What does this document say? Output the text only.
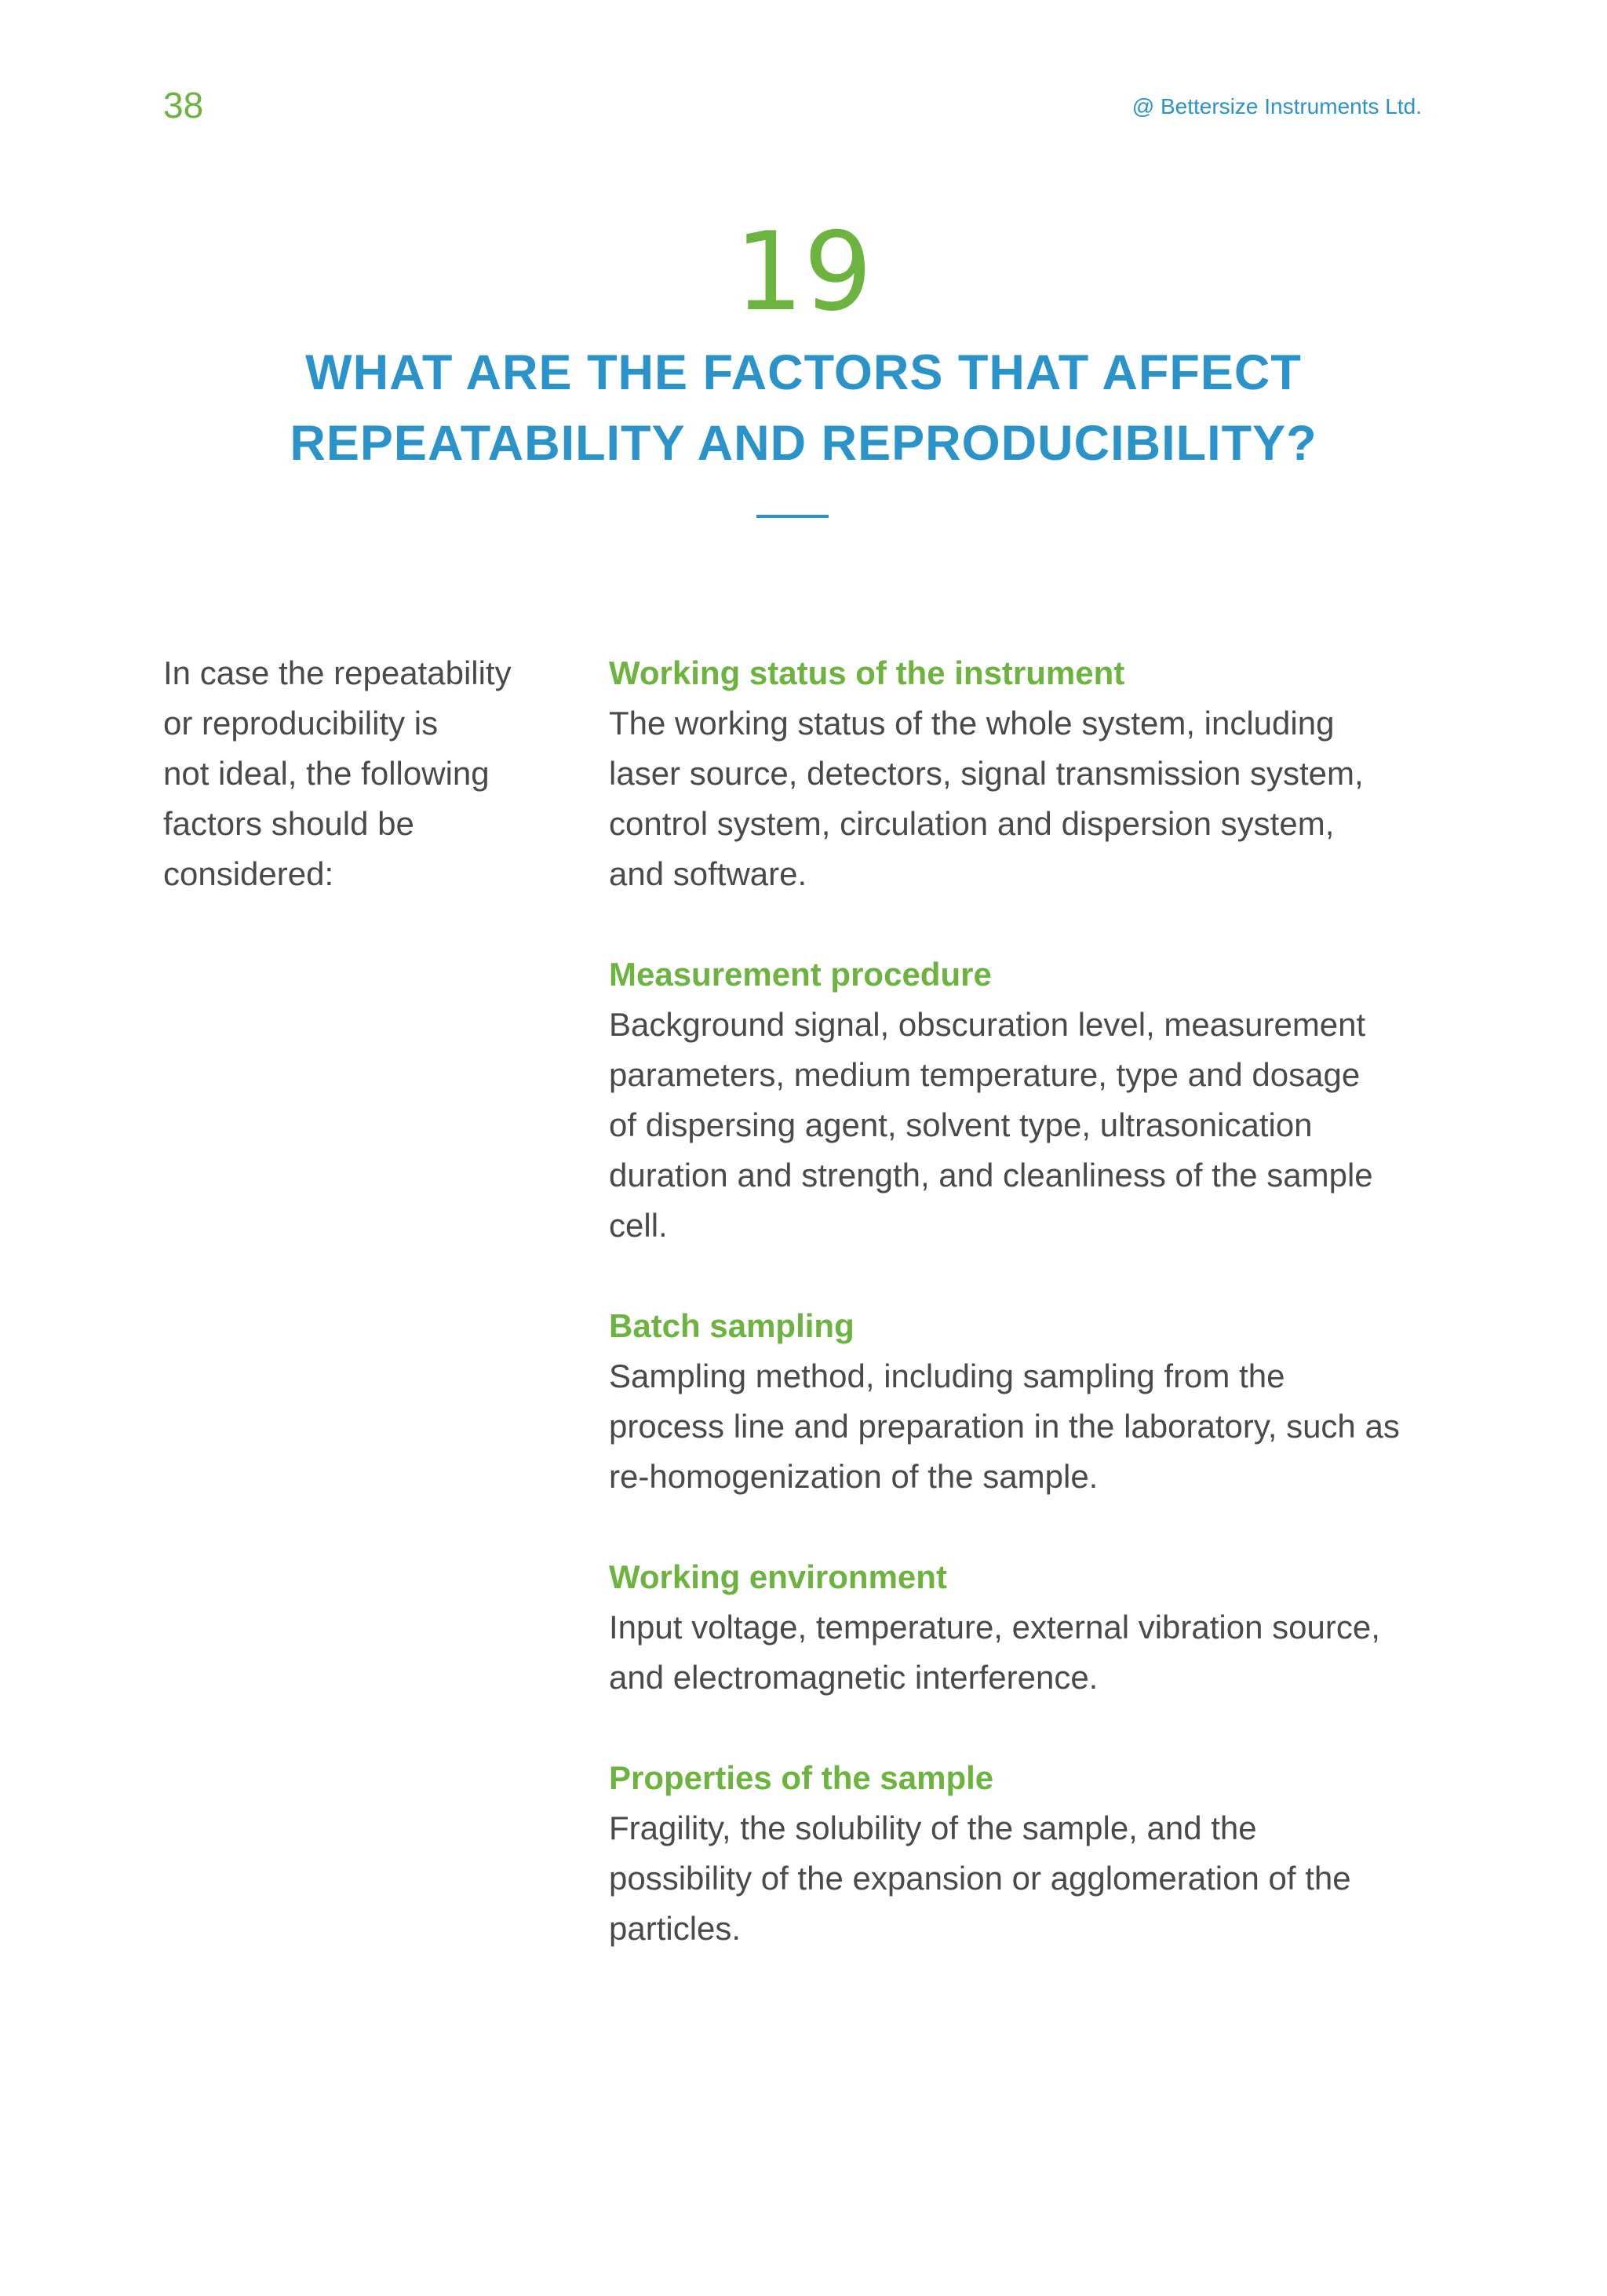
38	@ Bettersize Instruments Ltd.
19
WHAT ARE THE FACTORS THAT AFFECT
REPEATABILITY AND REPRODUCIBILITY?
In case the repeatability
or reproducibility is
not ideal, the following
factors should be
considered:
Working status of the instrument
The working status of the whole system, including
laser source, detectors, signal transmission system,
control system, circulation and dispersion system,
and software.
Measurement procedure
Background signal, obscuration level, measurement
parameters, medium temperature, type and dosage
of dispersing agent, solvent type, ultrasonication
duration and strength, and cleanliness of the sample
cell.
Batch sampling
Sampling method, including sampling from the
process line and preparation in the laboratory, such as
re-homogenization of the sample.
Working environment
Input voltage, temperature, external vibration source,
and electromagnetic interference.
Properties of the sample
Fragility, the solubility of the sample, and the
possibility of the expansion or agglomeration of the
particles.
